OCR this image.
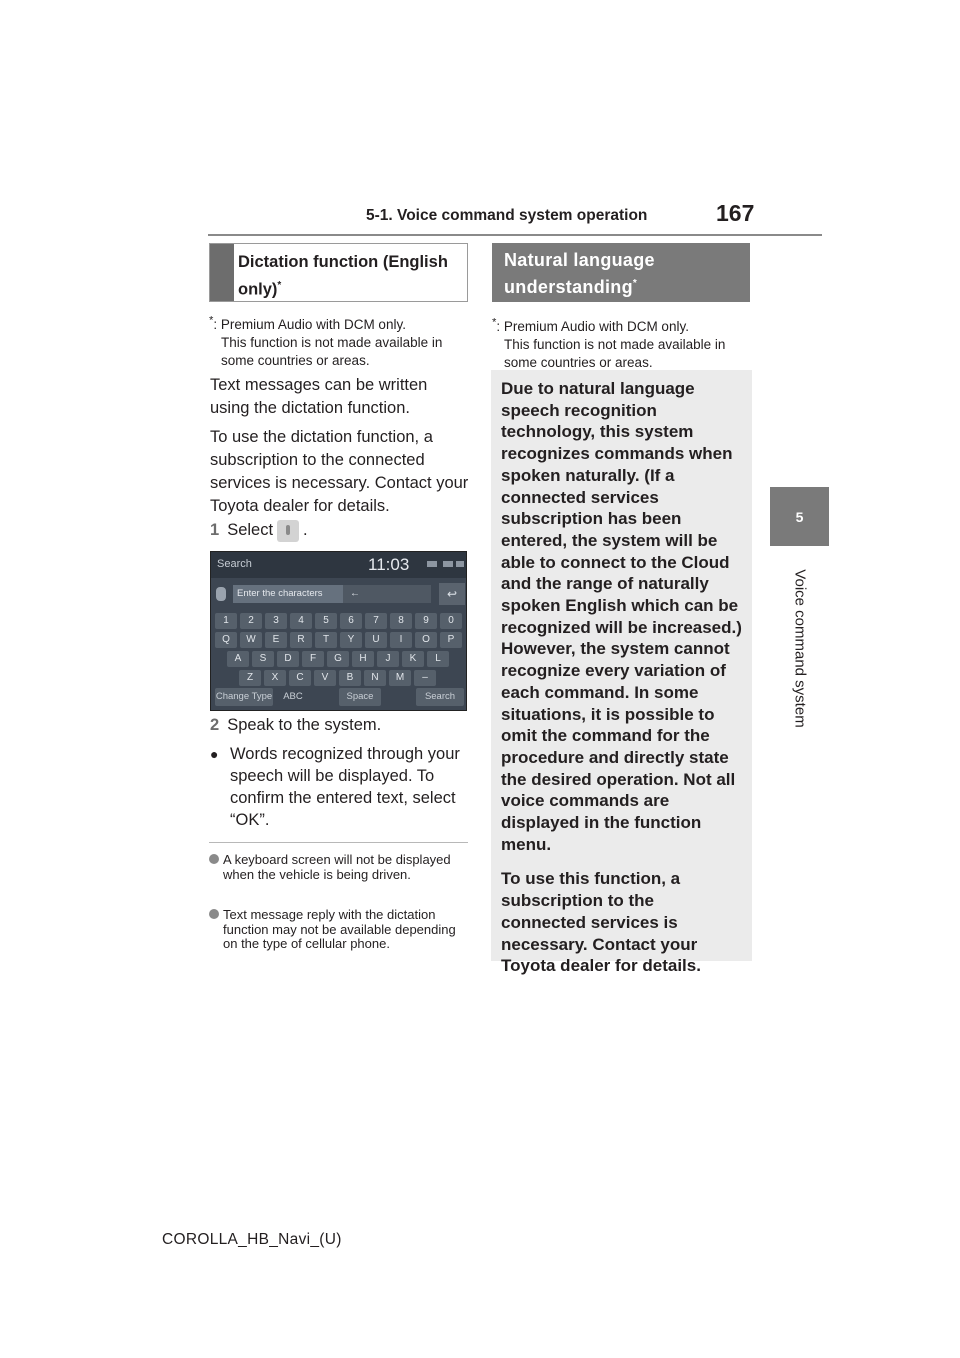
5-1. Voice command system operation	167
5
Voice command system
Dictation function (English only)*
*: Premium Audio with DCM only.
This function is not made available in some countries or areas.
Text messages can be written using the dictation function.
To use the dictation function, a subscription to the connected services is necessary. Contact your Toyota dealer for details.
1 Select .
Search	11:03
Enter the characters	←	↩
1	2	3	4	5	6	7	8	9	0
Q	W	E	R	T	Y	U	I	O	P
A	S	D	F	G	H	J	K	L
Z	X	C	V	B	N	M	–
Change Type	ABC	Space	Search
2 Speak to the system.
● Words recognized through your speech will be displayed. To confirm the entered text, select “OK”.
A keyboard screen will not be displayed when the vehicle is being driven.
Text message reply with the dictation function may not be available depending on the type of cellular phone.
Natural language understanding*
*: Premium Audio with DCM only.
This function is not made available in some countries or areas.

Due to natural language speech recognition technology, this system recognizes commands when spoken naturally. (If a connected services subscription has been entered, the system will be able to connect to the Cloud and the range of naturally spoken English which can be recognized will be increased.) However, the system cannot recognize every variation of each command. In some situations, it is possible to omit the command for the procedure and directly state the desired operation. Not all voice commands are displayed in the function menu.

To use this function, a subscription to the connected services is necessary. Contact your Toyota dealer for details.

COROLLA_HB_Navi_(U)
